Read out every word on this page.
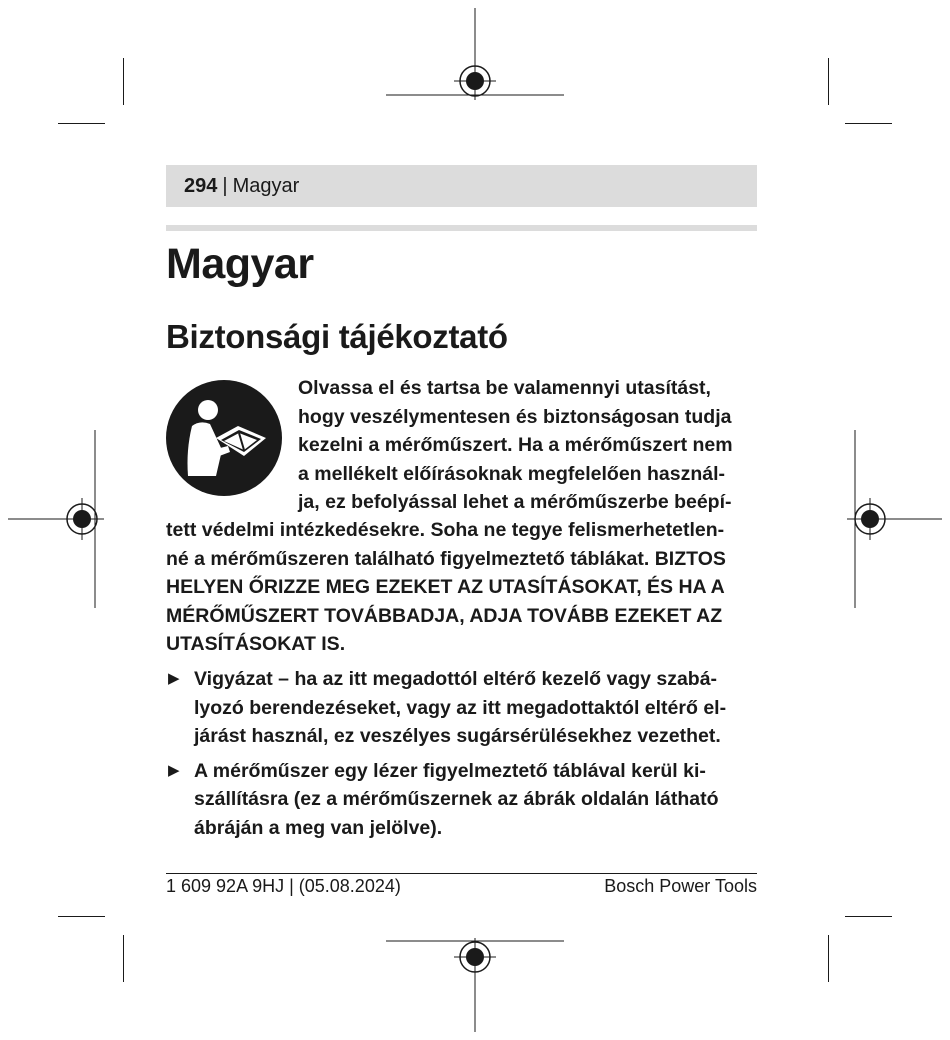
294 | Magyar
Magyar
Biztonsági tájékoztató

Olvassa el és tartsa be valamennyi utasítást,
hogy veszélymentesen és biztonságosan tudja
kezelni a mérőműszert. Ha a mérőműszert nem
a mellékelt előírásoknak megfelelően használ-
ja, ez befolyással lehet a mérőműszerbe beépí-

tett védelmi intézkedésekre. Soha ne tegye felismerhetetlen-
né a mérőműszeren található figyelmeztető táblákat. BIZTOS
HELYEN ŐRIZZE MEG EZEKET AZ UTASÍTÁSOKAT, ÉS HA A
MÉRŐMŰSZERT TOVÁBBADJA, ADJA TOVÁBB EZEKET AZ
UTASÍTÁSOKAT IS.

▶ Vigyázat – ha az itt megadottól eltérő kezelő vagy szabá-
lyozó berendezéseket, vagy az itt megadottaktól eltérő el-
járást használ, ez veszélyes sugársérülésekhez vezethet.
▶ A mérőműszer egy lézer figyelmeztető táblával kerül ki-
szállításra (ez a mérőműszernek az ábrák oldalán látható
ábráján a meg van jelölve).
1 609 92A 9HJ | (05.08.2024)	Bosch Power Tools
